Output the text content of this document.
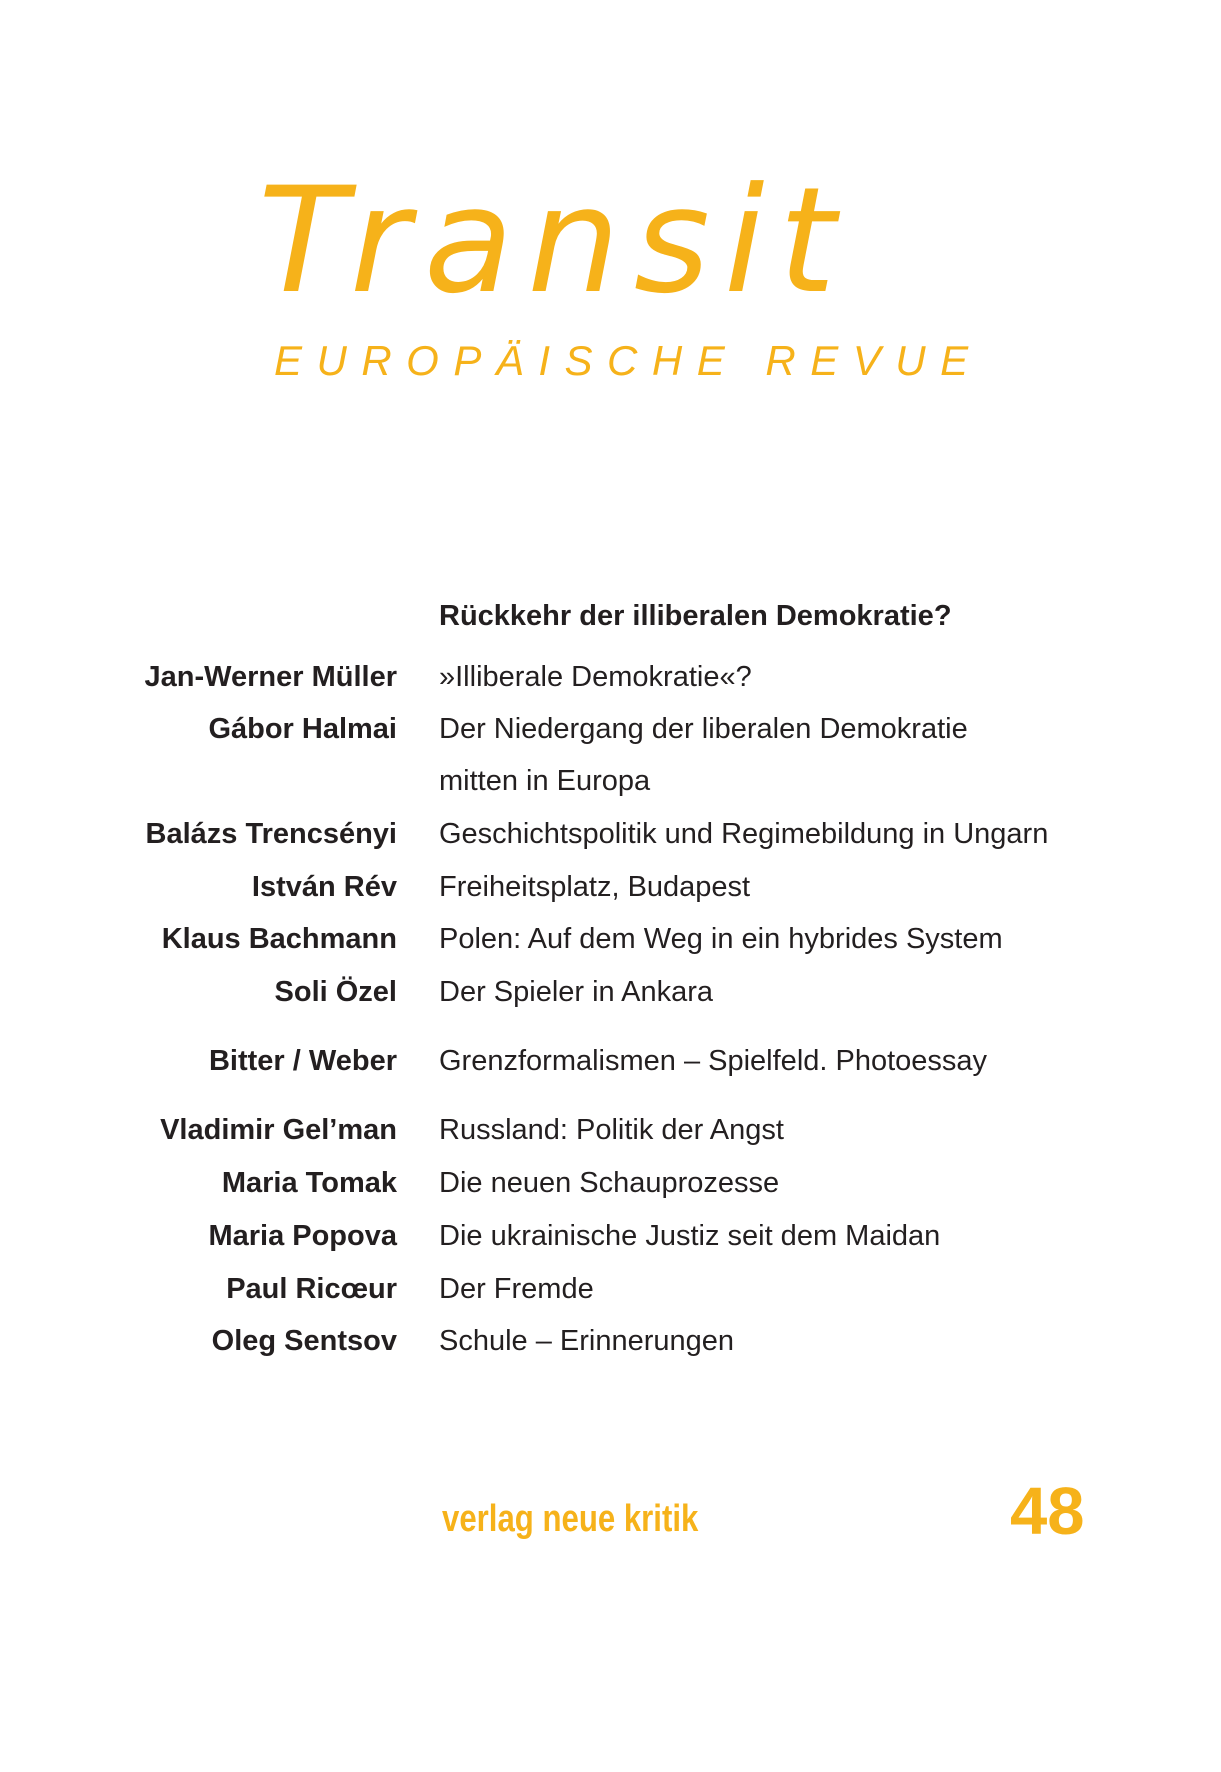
Transit

EUROPÄISCHE REVUE

Rückkehr der illiberalen Demokratie?
Jan-Werner Müller »Illiberale Demokratie«?
Gábor Halmai Der Niedergang der liberalen Demokratie
mitten in Europa
Balázs Trencsényi Geschichtspolitik und Regimebildung in Ungarn
István Rév Freiheitsplatz, Budapest
Klaus Bachmann Polen: Auf dem Weg in ein hybrides System
Soli Özel Der Spieler in Ankara
Bitter / Weber Grenzformalismen – Spielfeld. Photoessay
Vladimir Gel’man Russland: Politik der Angst
Maria Tomak Die neuen Schauprozesse
Maria Popova Die ukrainische Justiz seit dem Maidan
Paul Ricœur Der Fremde
Oleg Sentsov Schule – Erinnerungen

verlag neue kritik	48
